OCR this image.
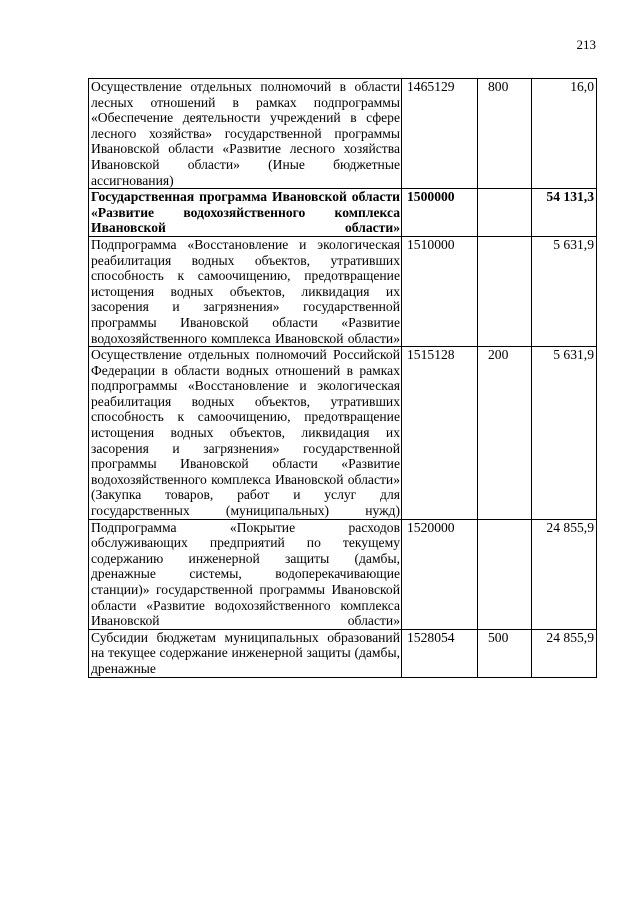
213
Осуществление отдельных полномочий в области лесных отношений в рамках подпрограммы «Обеспечение деятельности учреждений в сфере лесного хозяйства» государственной программы Ивановской области «Развитие лесного хозяйства Ивановской области» (Иные бюджетные ассигнования)	1465129	800	16,0
Государственная программа Ивановской области «Развитие водохозяйственного комплекса Ивановской области»	1500000		54 131,3
Подпрограмма «Восстановление и экологическая реабилитация водных объектов, утративших способность к самоочищению, предотвращение истощения водных объектов, ликвидация их засорения и загрязнения» государственной программы Ивановской области «Развитие водохозяйственного комплекса Ивановской области»	1510000		5 631,9
Осуществление отдельных полномочий Российской Федерации в области водных отношений в рамках подпрограммы «Восстановление и экологическая реабилитация водных объектов, утративших способность к самоочищению, предотвращение истощения водных объектов, ликвидация их засорения и загрязнения» государственной программы Ивановской области «Развитие водохозяйственного комплекса Ивановской области» (Закупка товаров, работ и услуг для государственных (муниципальных) нужд)	1515128	200	5 631,9
Подпрограмма «Покрытие расходов обслуживающих предприятий по текущему содержанию инженерной защиты (дамбы, дренажные системы, водоперекачивающие станции)» государственной программы Ивановской области «Развитие водохозяйственного комплекса Ивановской области»	1520000		24 855,9
Субсидии бюджетам муниципальных образований на текущее содержание инженерной защиты (дамбы, дренажные	1528054	500	24 855,9
